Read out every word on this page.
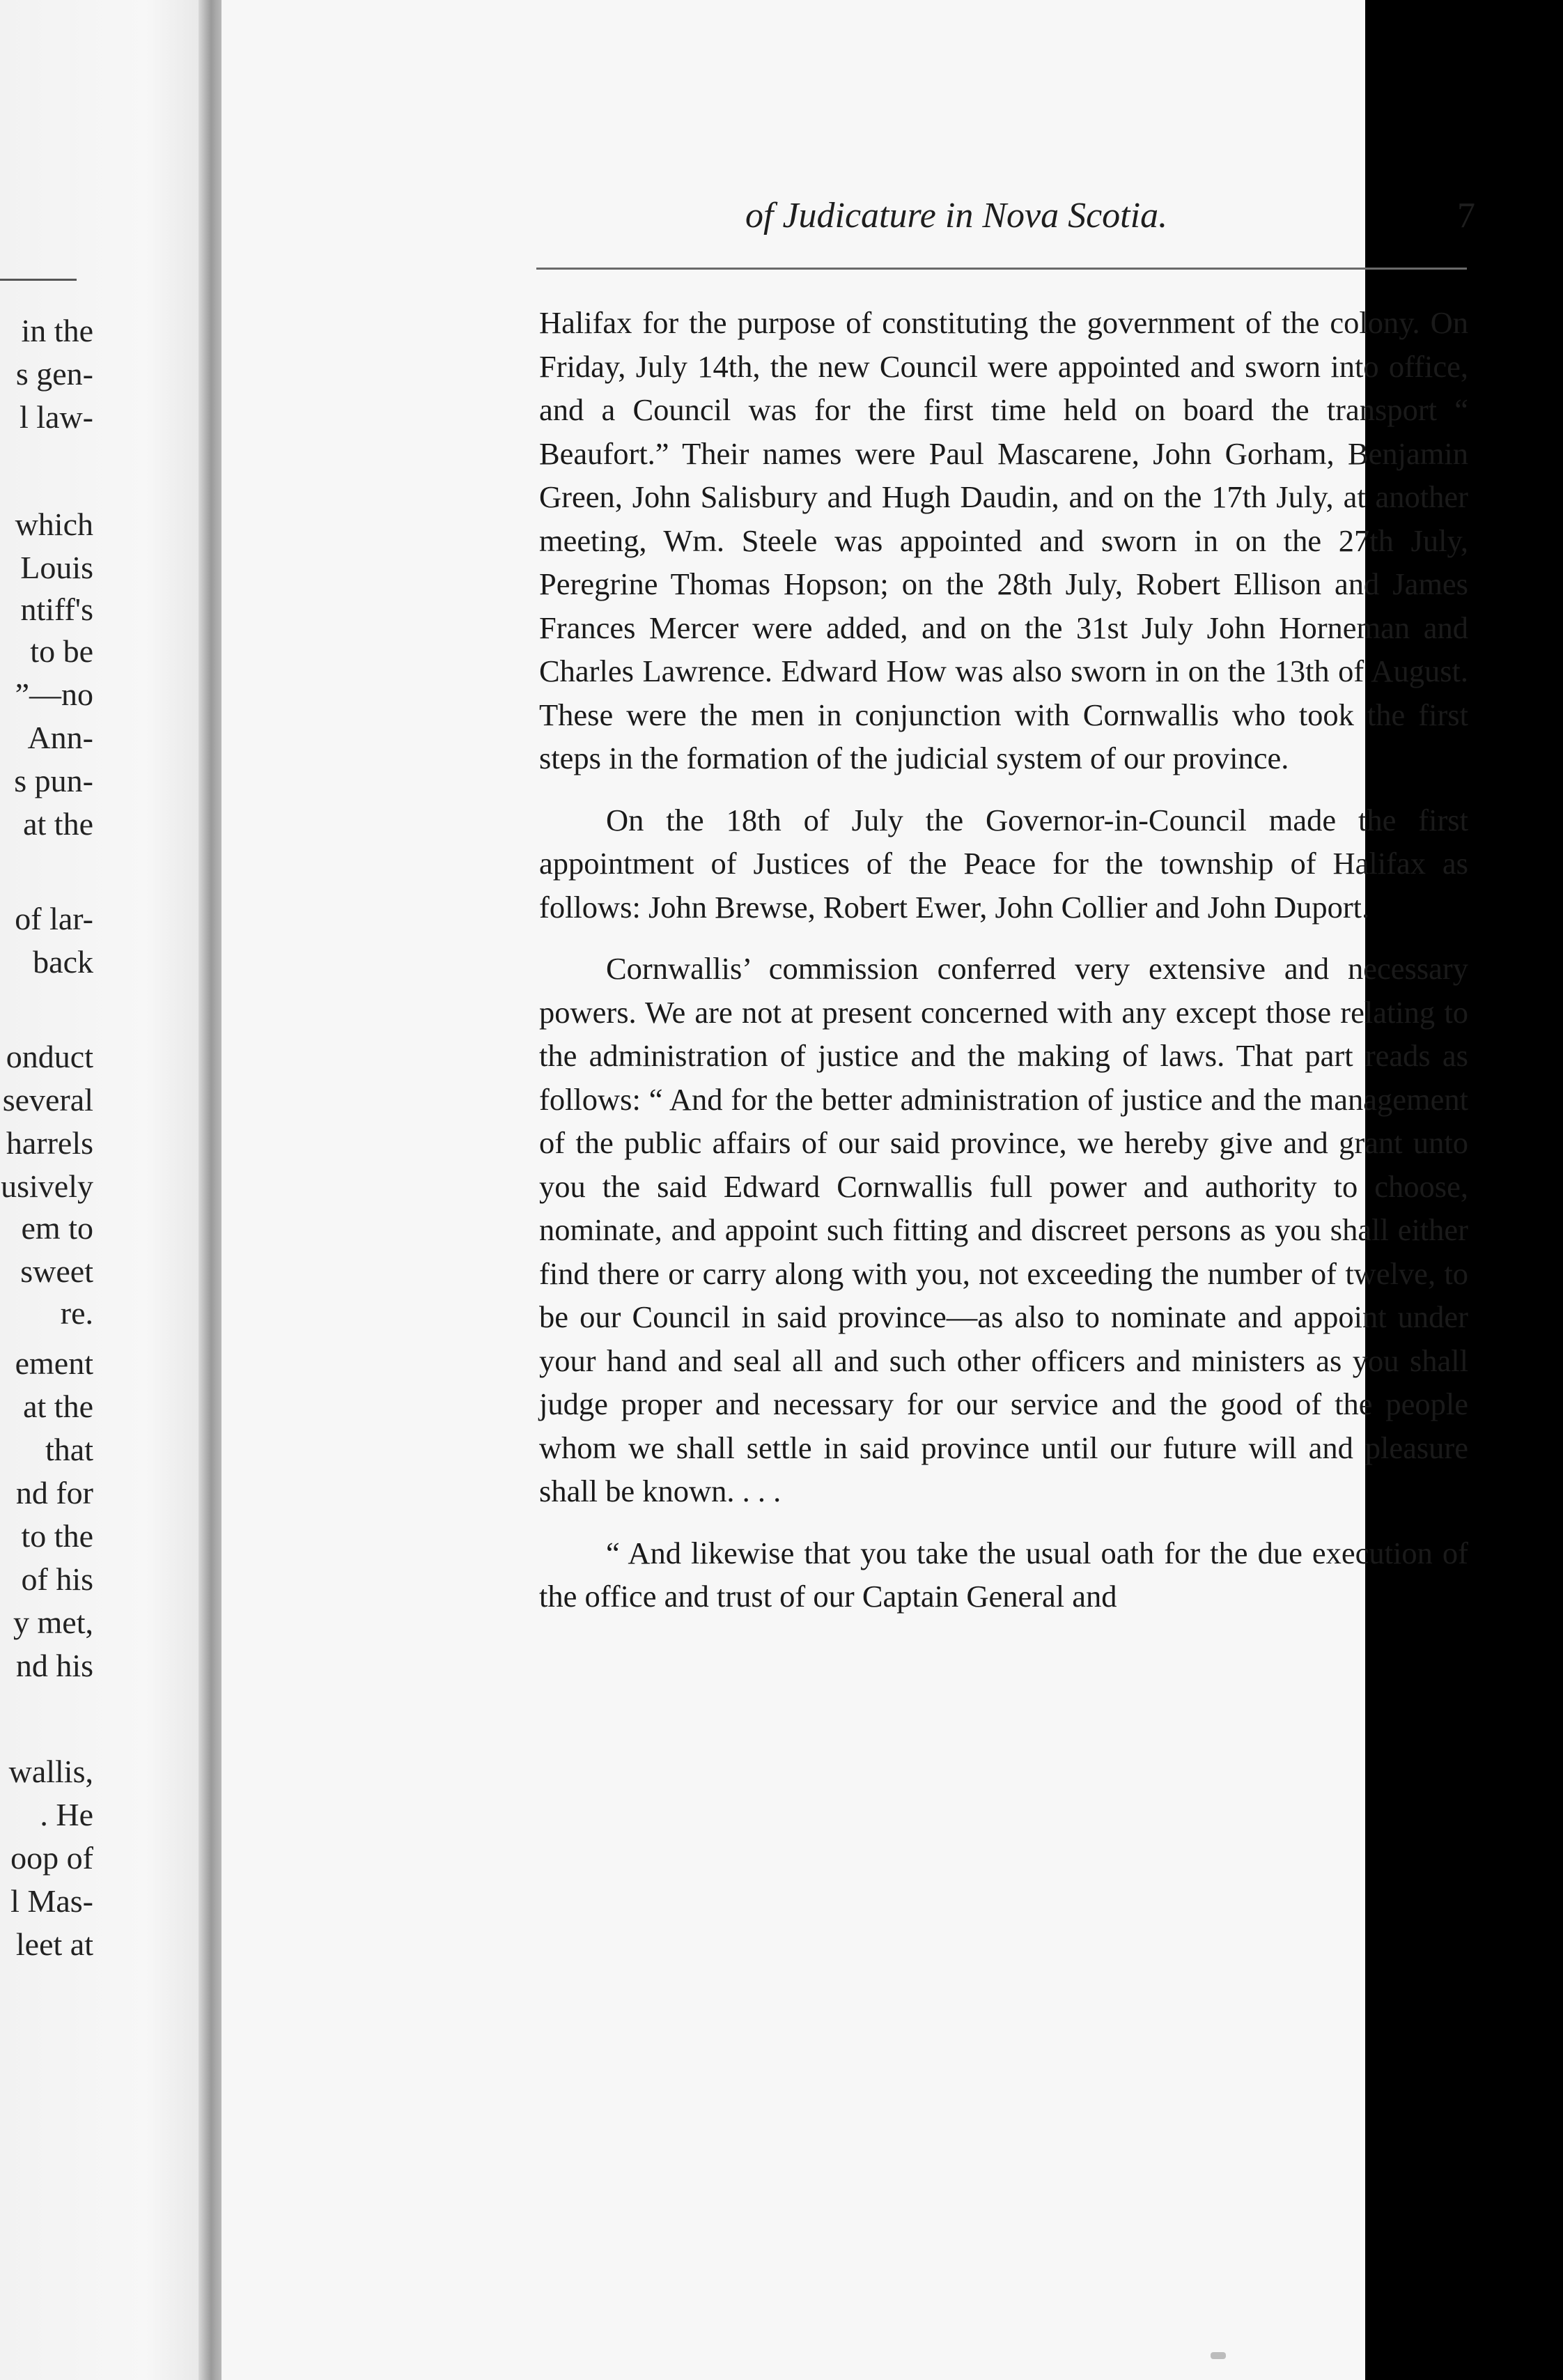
in the
s gen-
l law-
which
Louis
ntiff's
to be
”—no
Ann-
s pun-
at the
of lar-
back
onduct
several
harrels
usively
em to
sweet
re.
ement
at the
that
nd for
to the
of his
y met,
nd his
wallis,
. He
oop of
l Mas-
leet at
of Judicature in Nova Scotia.	7

Halifax for the purpose of constituting the government of the colony. On Friday, July 14th, the new Council were appointed and sworn into office, and a Council was for the first time held on board the transport “ Beaufort.” Their names were Paul Mascarene, John Gorham, Benjamin Green, John Salisbury and Hugh Daudin, and on the 17th July, at another meeting, Wm. Steele was appointed and sworn in on the 27th July, Peregrine Thomas Hopson; on the 28th July, Robert Ellison and James Frances Mercer were added, and on the 31st July John Horneman and Charles Lawrence. Edward How was also sworn in on the 13th of August. These were the men in conjunction with Cornwallis who took the first steps in the formation of the judicial system of our province.

On the 18th of July the Governor-in-Council made the first appointment of Justices of the Peace for the township of Halifax as follows: John Brewse, Robert Ewer, John Collier and John Duport.

Cornwallis’ commission conferred very extensive and necessary powers. We are not at present concerned with any except those relating to the administration of justice and the making of laws. That part reads as follows: “ And for the better administration of justice and the management of the public affairs of our said province, we hereby give and grant unto you the said Edward Cornwallis full power and authority to choose, nominate, and appoint such fitting and discreet persons as you shall either find there or carry along with you, not exceeding the number of twelve, to be our Council in said province—as also to nominate and appoint under your hand and seal all and such other officers and ministers as you shall judge proper and necessary for our service and the good of the people whom we shall settle in said province until our future will and pleasure shall be known. . . .

“ And likewise that you take the usual oath for the due execution of the office and trust of our Captain General and
